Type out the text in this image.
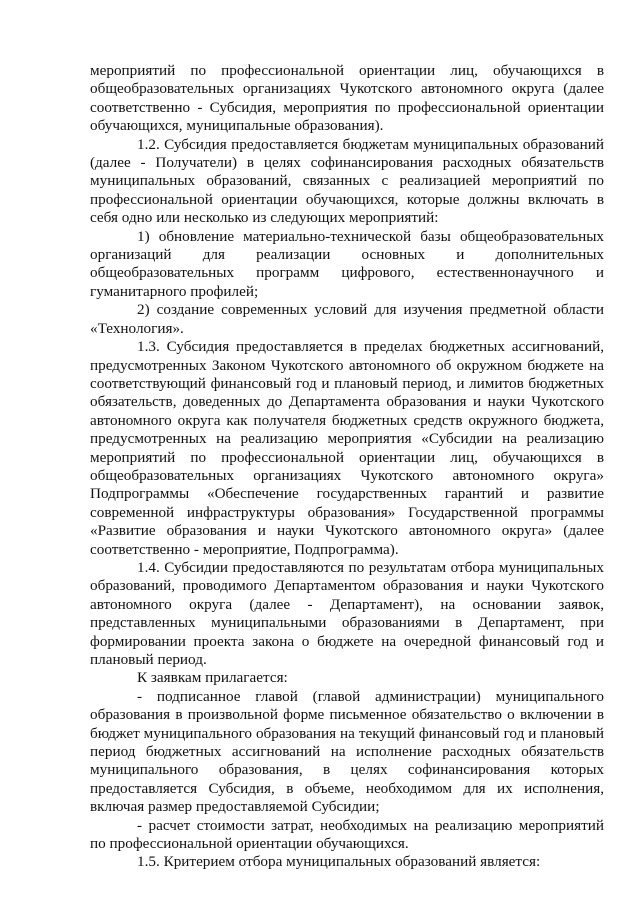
мероприятий по профессиональной ориентации лиц, обучающихся в общеобразовательных организациях Чукотского автономного округа (далее соответственно - Субсидия, мероприятия по профессиональной ориентации обучающихся, муниципальные образования).

1.2. Субсидия предоставляется бюджетам муниципальных образований (далее - Получатели) в целях софинансирования расходных обязательств муниципальных образований, связанных с реализацией мероприятий по профессиональной ориентации обучающихся, которые должны включать в себя одно или несколько из следующих мероприятий:

1) обновление материально-технической базы общеобразовательных организаций для реализации основных и дополнительных общеобразовательных программ цифрового, естественнонаучного и гуманитарного профилей;

2) создание современных условий для изучения предметной области «Технология».

1.3. Субсидия предоставляется в пределах бюджетных ассигнований, предусмотренных Законом Чукотского автономного об окружном бюджете на соответствующий финансовый год и плановый период, и лимитов бюджетных обязательств, доведенных до Департамента образования и науки Чукотского автономного округа как получателя бюджетных средств окружного бюджета, предусмотренных на реализацию мероприятия «Субсидии на реализацию мероприятий по профессиональной ориентации лиц, обучающихся в общеобразовательных организациях Чукотского автономного округа» Подпрограммы «Обеспечение государственных гарантий и развитие современной инфраструктуры образования» Государственной программы «Развитие образования и науки Чукотского автономного округа» (далее соответственно - мероприятие, Подпрограмма).

1.4. Субсидии предоставляются по результатам отбора муниципальных образований, проводимого Департаментом образования и науки Чукотского автономного округа (далее - Департамент), на основании заявок, представленных муниципальными образованиями в Департамент, при формировании проекта закона о бюджете на очередной финансовый год и плановый период.

К заявкам прилагается:

- подписанное главой (главой администрации) муниципального образования в произвольной форме письменное обязательство о включении в бюджет муниципального образования на текущий финансовый год и плановый период бюджетных ассигнований на исполнение расходных обязательств муниципального образования, в целях софинансирования которых предоставляется Субсидия, в объеме, необходимом для их исполнения, включая размер предоставляемой Субсидии;

- расчет стоимости затрат, необходимых на реализацию мероприятий по профессиональной ориентации обучающихся.

1.5. Критерием отбора муниципальных образований является:
